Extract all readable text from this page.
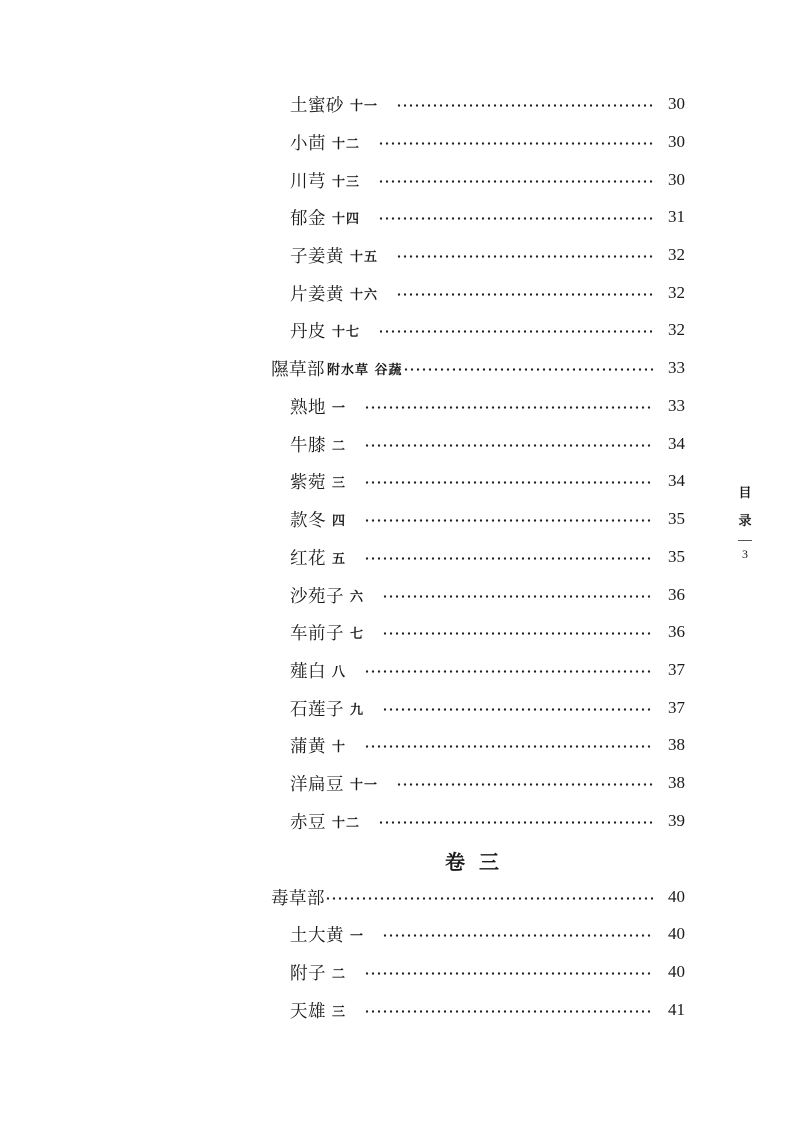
土蜜砂 十一	30
小茴 十二	30
川芎 十三	30
郁金 十四	31
子姜黄 十五	32
片姜黄 十六	32
丹皮 十七	32
隰草部 附水草 谷蔬	33
熟地 一	33
牛膝 二	34
紫菀 三	34
款冬 四	35
红花 五	35
沙苑子 六	36
车前子 七	36
薤白 八	37
石莲子 九	37
蒲黄 十	38
洋扁豆 十一	38
赤豆 十二	39
卷三
毒草部	40
土大黄 一	40
附子 二	40
天雄 三	41
目
录
3
